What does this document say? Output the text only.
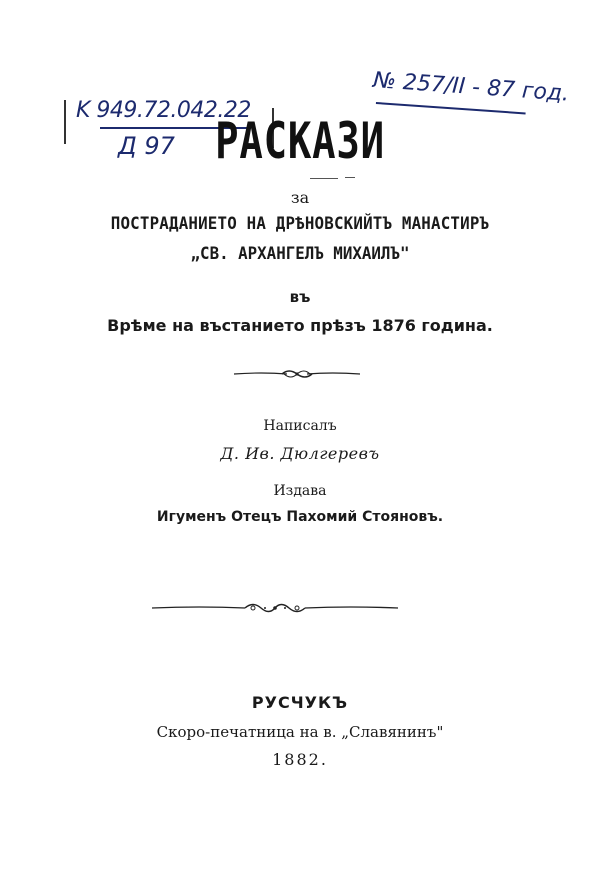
K 949.72.042.22
Д 97
№ 257/II - 87 год.
РАСКАЗИ
за
ПОСТРАДАНИЕТО НА ДРѢНОВСКИЙТЪ МАНАСТИРЪ
„СВ. АРХАНГЕЛЪ МИХАИЛЪ"
въ
Врѣме на въстанието прѣзъ 1876 година.
Написалъ
Д. Ив. Дюлгеревъ
Издава
Игуменъ Отецъ Пахомий Стояновъ.
РУСЧУКЪ
Скоро-печатница на в. „Славянинъ"
1882.
